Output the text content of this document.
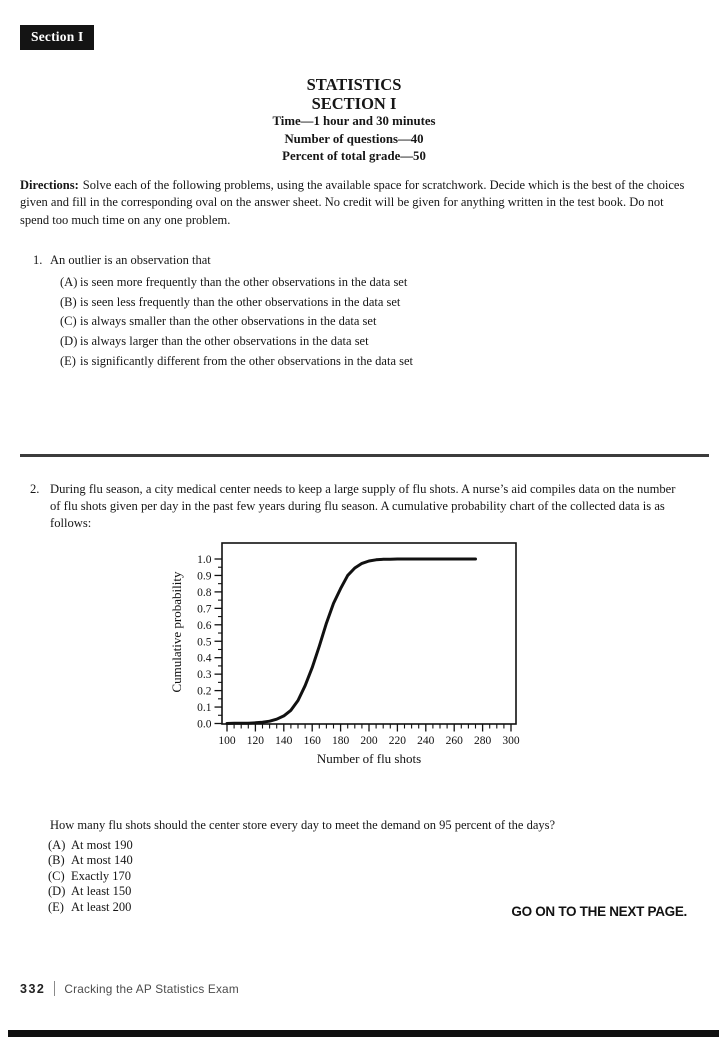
Section I
STATISTICS
SECTION I
Time—1 hour and 30 minutes
Number of questions—40
Percent of total grade—50
Directions: Solve each of the following problems, using the available space for scratchwork. Decide which is the best of the choices
given and fill in the corresponding oval on the answer sheet. No credit will be given for anything written in the test book. Do not
spend too much time on any one problem.
1. An outlier is an observation that
(A) is seen more frequently than the other observations in the data set
(B) is seen less frequently than the other observations in the data set
(C) is always smaller than the other observations in the data set
(D) is always larger than the other observations in the data set
(E) is significantly different from the other observations in the data set
2. During flu season, a city medical center needs to keep a large supply of flu shots. A nurse’s aid compiles data on the number
of flu shots given per day in the past few years during flu season. A cumulative probability chart of the collected data is as
follows:
0.0
0.1
0.2
0.3
0.4
0.5
0.6
0.7
0.8
0.9
1.0
100 120 140 160 180 200 220 240 260 280 300
Cumulative probability
Number of flu shots
How many flu shots should the center store every day to meet the demand on 95 percent of the days?
(A) At most 190
(B) At most 140
(C) Exactly 170
(D) At least 150
(E) At least 200	GO ON TO THE NEXT PAGE.
332 Cracking the AP Statistics Exam
